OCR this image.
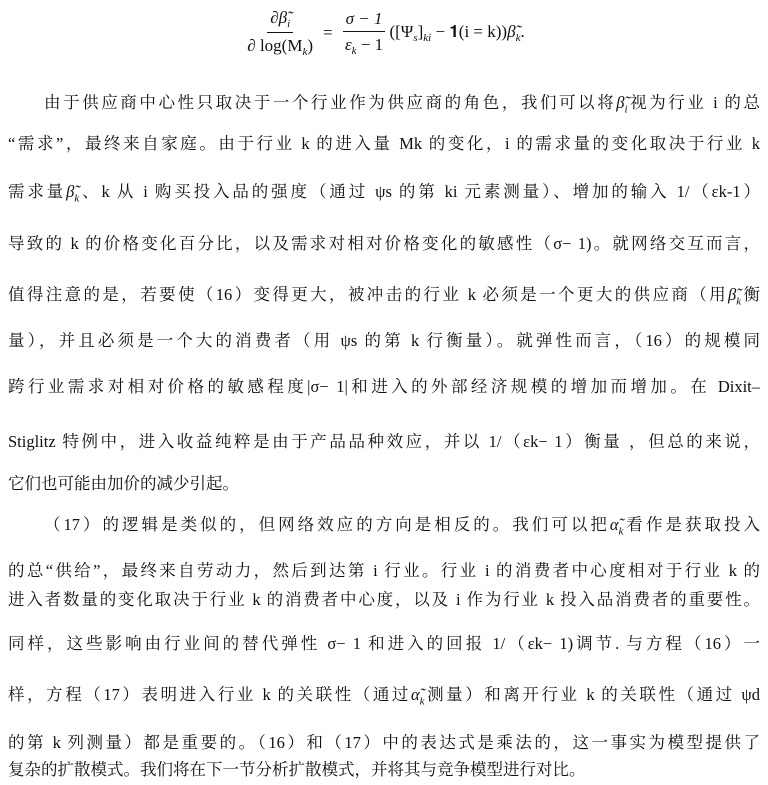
$\frac{\partial\betã_i}{\partial \log(M_k)} = \frac{\sigma - 1}{\varepsilon_k - 1} ([\Psi_s]_{ki}$ − 𝟏(i = $k))\betã_k$.
由于供应商中心性只取决于一个行业作为供应商的角色，我们可以将$\betã_i$视为行业 i 的总
“需求”，最终来自家庭。由于行业 k 的进入量 Mk 的变化，i 的需求量的变化取决于行业 k
需求量$\betã_k$、k 从 i 购买投入品的强度（通过 ψs 的第 ki 元素测量）、增加的输入 1/（εk-1）
导致的 k 的价格变化百分比，以及需求对相对价格变化的敏感性（σ− 1)。就网络交互而言，
值得注意的是，若要使（16）变得更大，被冲击的行业 k 必须是一个更大的供应商（用$\betã_k$衡
量），并且必须是一个大的消费者（用 ψs 的第 k 行衡量）。就弹性而言，（16）的规模同
跨行业需求对相对价格的敏感程度|σ− 1|和进入的外部经济规模的增加而增加。在 Dixit–
Stiglitz 特例中，进入收益纯粹是由于产品品种效应，并以 1/（εk− 1）衡量 ，但总的来说，
它们也可能由加价的减少引起。
（17）的逻辑是类似的，但网络效应的方向是相反的。我们可以把$\alphã_k$看作是获取投入
的总“供给”，最终来自劳动力，然后到达第 i 行业。行业 i 的消费者中心度相对于行业 k 的
进入者数量的变化取决于行业 k 的消费者中心度，以及 i 作为行业 k 投入品消费者的重要性。
同样，这些影响由行业间的替代弹性 σ− 1 和进入的回报 1/（εk− 1)调节. 与方程（16）一
样，方程（17）表明进入行业 k 的关联性（通过$\alphã_k$测量）和离开行业 k 的关联性（通过 ψd
的第 k 列测量）都是重要的。（16）和（17）中的表达式是乘法的，这一事实为模型提供了
复杂的扩散模式。我们将在下一节分析扩散模式，并将其与竞争模型进行对比。
